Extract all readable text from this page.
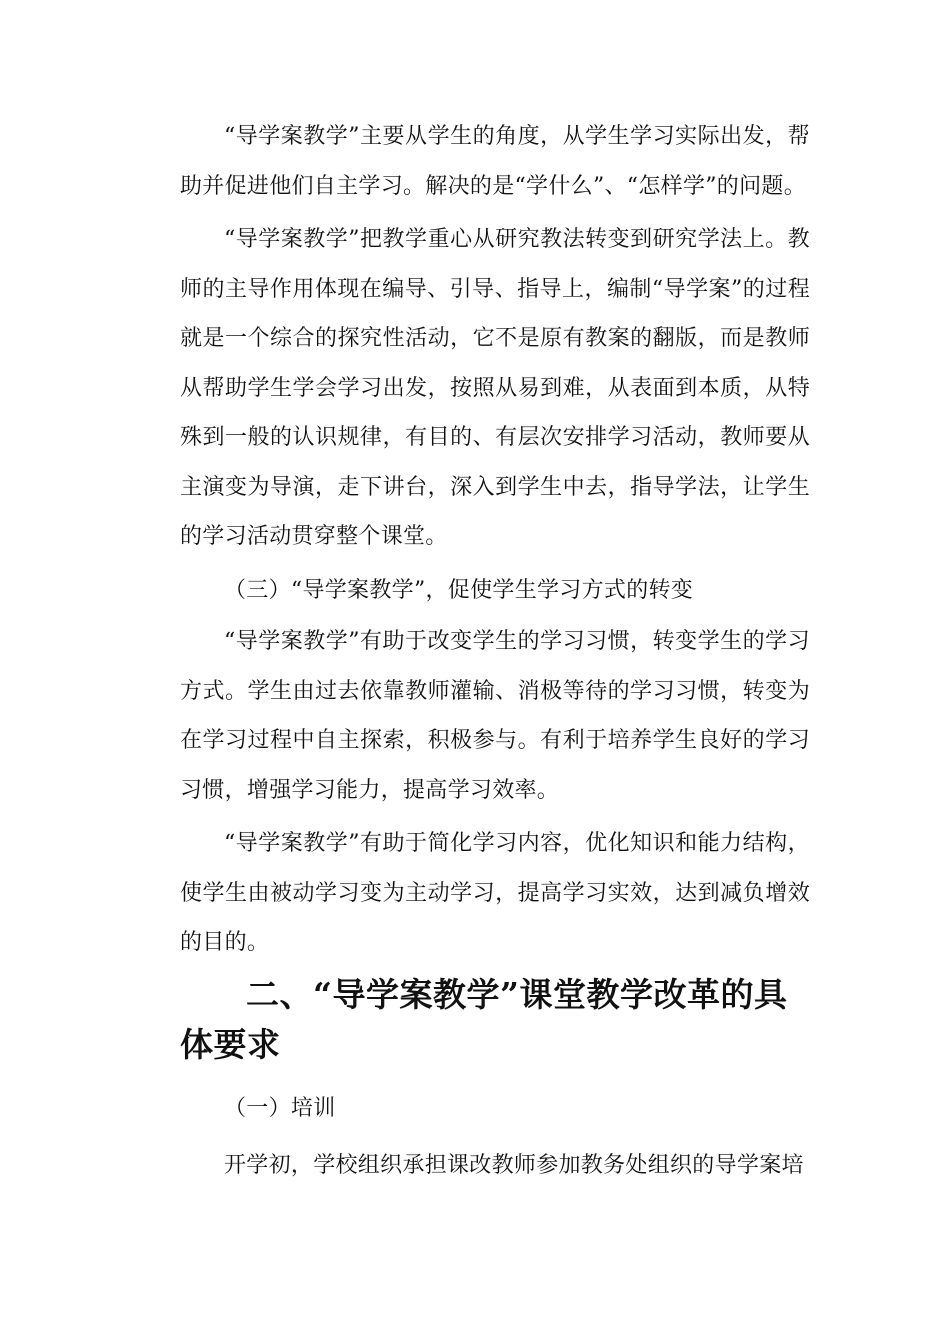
“导学案教学”主要从学生的角度，从学生学习实际出发，帮助并促进他们自主学习。解决的是“学什么”、“怎样学”的问题。

“导学案教学”把教学重心从研究教法转变到研究学法上。教师的主导作用体现在编导、引导、指导上，编制“导学案”的过程就是一个综合的探究性活动，它不是原有教案的翻版，而是教师从帮助学生学会学习出发，按照从易到难，从表面到本质，从特殊到一般的认识规律，有目的、有层次安排学习活动，教师要从主演变为导演，走下讲台，深入到学生中去，指导学法，让学生的学习活动贯穿整个课堂。

（三）“导学案教学”，促使学生学习方式的转变

“导学案教学”有助于改变学生的学习习惯，转变学生的学习方式。学生由过去依靠教师灌输、消极等待的学习习惯，转变为在学习过程中自主探索，积极参与。有利于培养学生良好的学习习惯，增强学习能力，提高学习效率。

“导学案教学”有助于简化学习内容，优化知识和能力结构，使学生由被动学习变为主动学习，提高学习实效，达到减负增效的目的。

二、“导学案教学”课堂教学改革的具体要求

（一）培训

开学初，学校组织承担课改教师参加教务处组织的导学案培
